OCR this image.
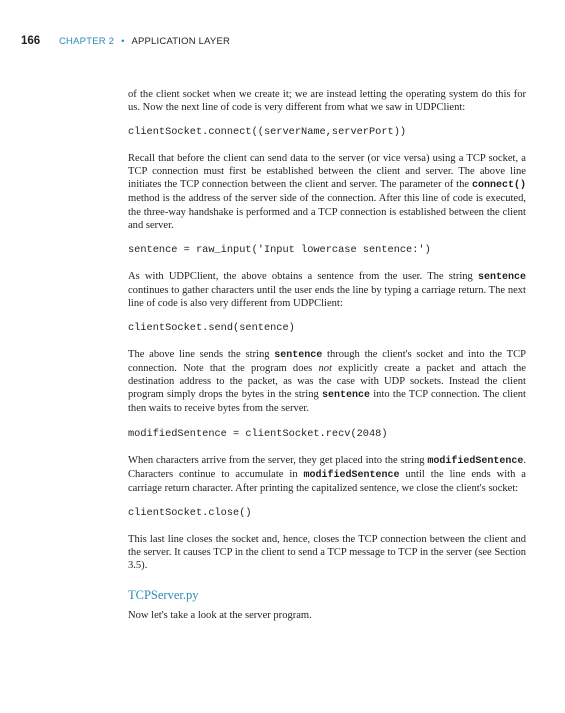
166	CHAPTER 2 • APPLICATION LAYER

of the client socket when we create it; we are instead letting the operating system do this for us. Now the next line of code is very different from what we saw in UDPClient:

clientSocket.connect((serverName,serverPort))

Recall that before the client can send data to the server (or vice versa) using a TCP socket, a TCP connection must first be established between the client and server. The above line initiates the TCP connection between the client and server. The parameter of the connect() method is the address of the server side of the connection. After this line of code is executed, the three-way handshake is performed and a TCP connection is established between the client and server.

sentence = raw_input('Input lowercase sentence:')

As with UDPClient, the above obtains a sentence from the user. The string sentence continues to gather characters until the user ends the line by typing a carriage return. The next line of code is also very different from UDPClient:

clientSocket.send(sentence)

The above line sends the string sentence through the client's socket and into the TCP connection. Note that the program does not explicitly create a packet and attach the destination address to the packet, as was the case with UDP sockets. Instead the client program simply drops the bytes in the string sentence into the TCP connection. The client then waits to receive bytes from the server.

modifiedSentence = clientSocket.recv(2048)

When characters arrive from the server, they get placed into the string modifiedSentence. Characters continue to accumulate in modifiedSentence until the line ends with a carriage return character. After printing the capitalized sentence, we close the client's socket:

clientSocket.close()

This last line closes the socket and, hence, closes the TCP connection between the client and the server. It causes TCP in the client to send a TCP message to TCP in the server (see Section 3.5).

TCPServer.py

Now let's take a look at the server program.
